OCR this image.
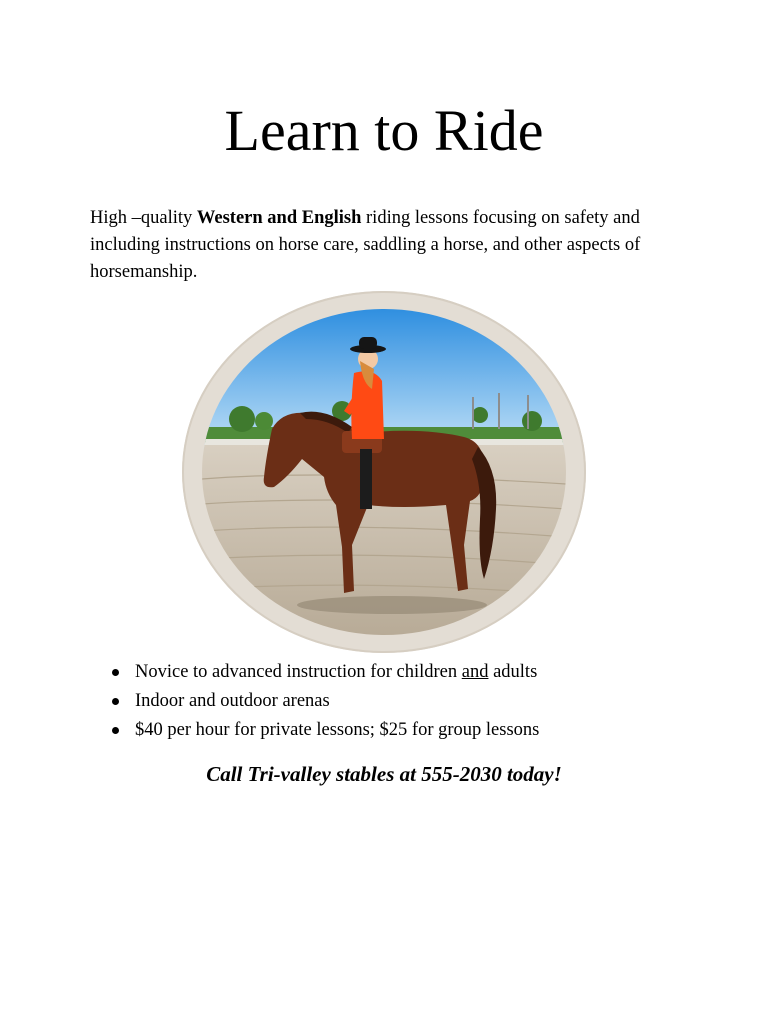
Learn to Ride

High –quality Western and English riding lessons focusing on safety and including instructions on horse care, saddling a horse, and other aspects of horsemanship.

Novice to advanced instruction for children and adults
Indoor and outdoor arenas
$40 per hour for private lessons; $25 for group lessons

Call Tri-valley stables at 555-2030 today!
